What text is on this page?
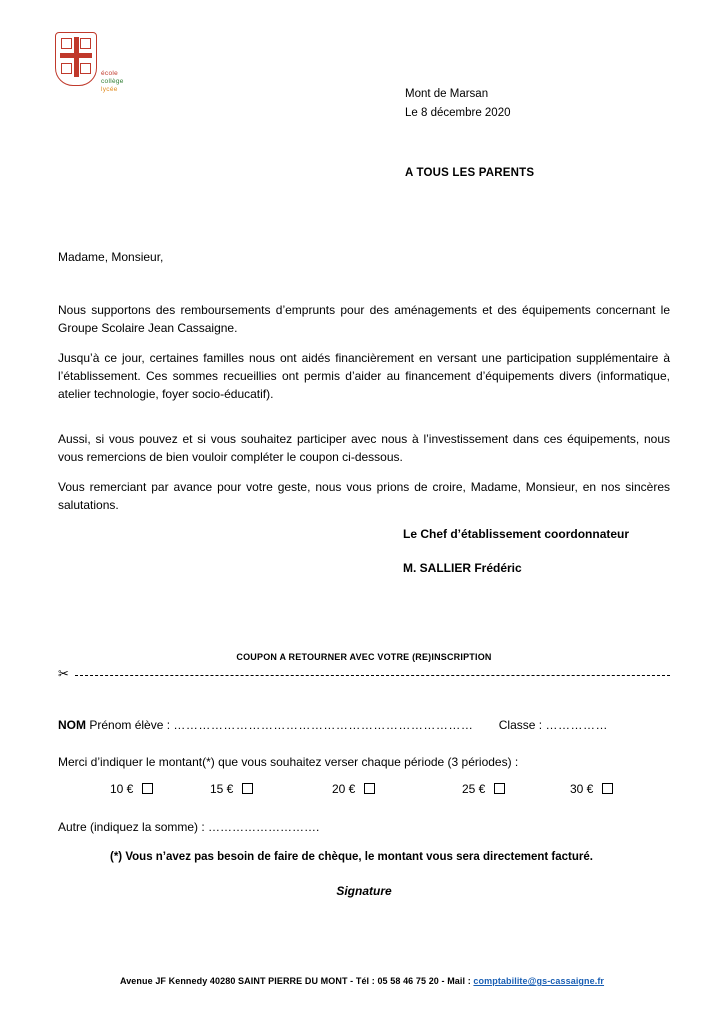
école
collège
lycée	Mont de Marsan
Le 8 décembre 2020
A TOUS LES PARENTS
Madame, Monsieur,
Nous supportons des remboursements d’emprunts pour des aménagements et des équipements concernant le Groupe Scolaire Jean Cassaigne.
Jusqu’à ce jour, certaines familles nous ont aidés financièrement en versant une participation supplémentaire à l’établissement. Ces sommes recueillies ont permis d’aider au financement d’équipements divers (informatique, atelier technologie, foyer socio-éducatif).
Aussi, si vous pouvez et si vous souhaitez participer avec nous à l’investissement dans ces équipements, nous vous remercions de bien vouloir compléter le coupon ci-dessous.
Vous remerciant par avance pour votre geste, nous vous prions de croire, Madame, Monsieur, en nos sincères salutations.
Le Chef d’établissement coordonnateur
M. SALLIER Frédéric
COUPON A RETOURNER AVEC VOTRE (RE)INSCRIPTION
✂
NOM Prénom élève : ……………………………………………………………… Classe : ……………
Merci d’indiquer le montant(*) que vous souhaitez verser chaque période (3 périodes) :
10 €	15 €	20 €	25 €	30 €
Autre (indiquez la somme) : ……………………….
(*) Vous n’avez pas besoin de faire de chèque, le montant vous sera directement facturé.
Signature
Avenue JF Kennedy 40280 SAINT PIERRE DU MONT - Tél : 05 58 46 75 20 - Mail : comptabilite@gs-cassaigne.fr
